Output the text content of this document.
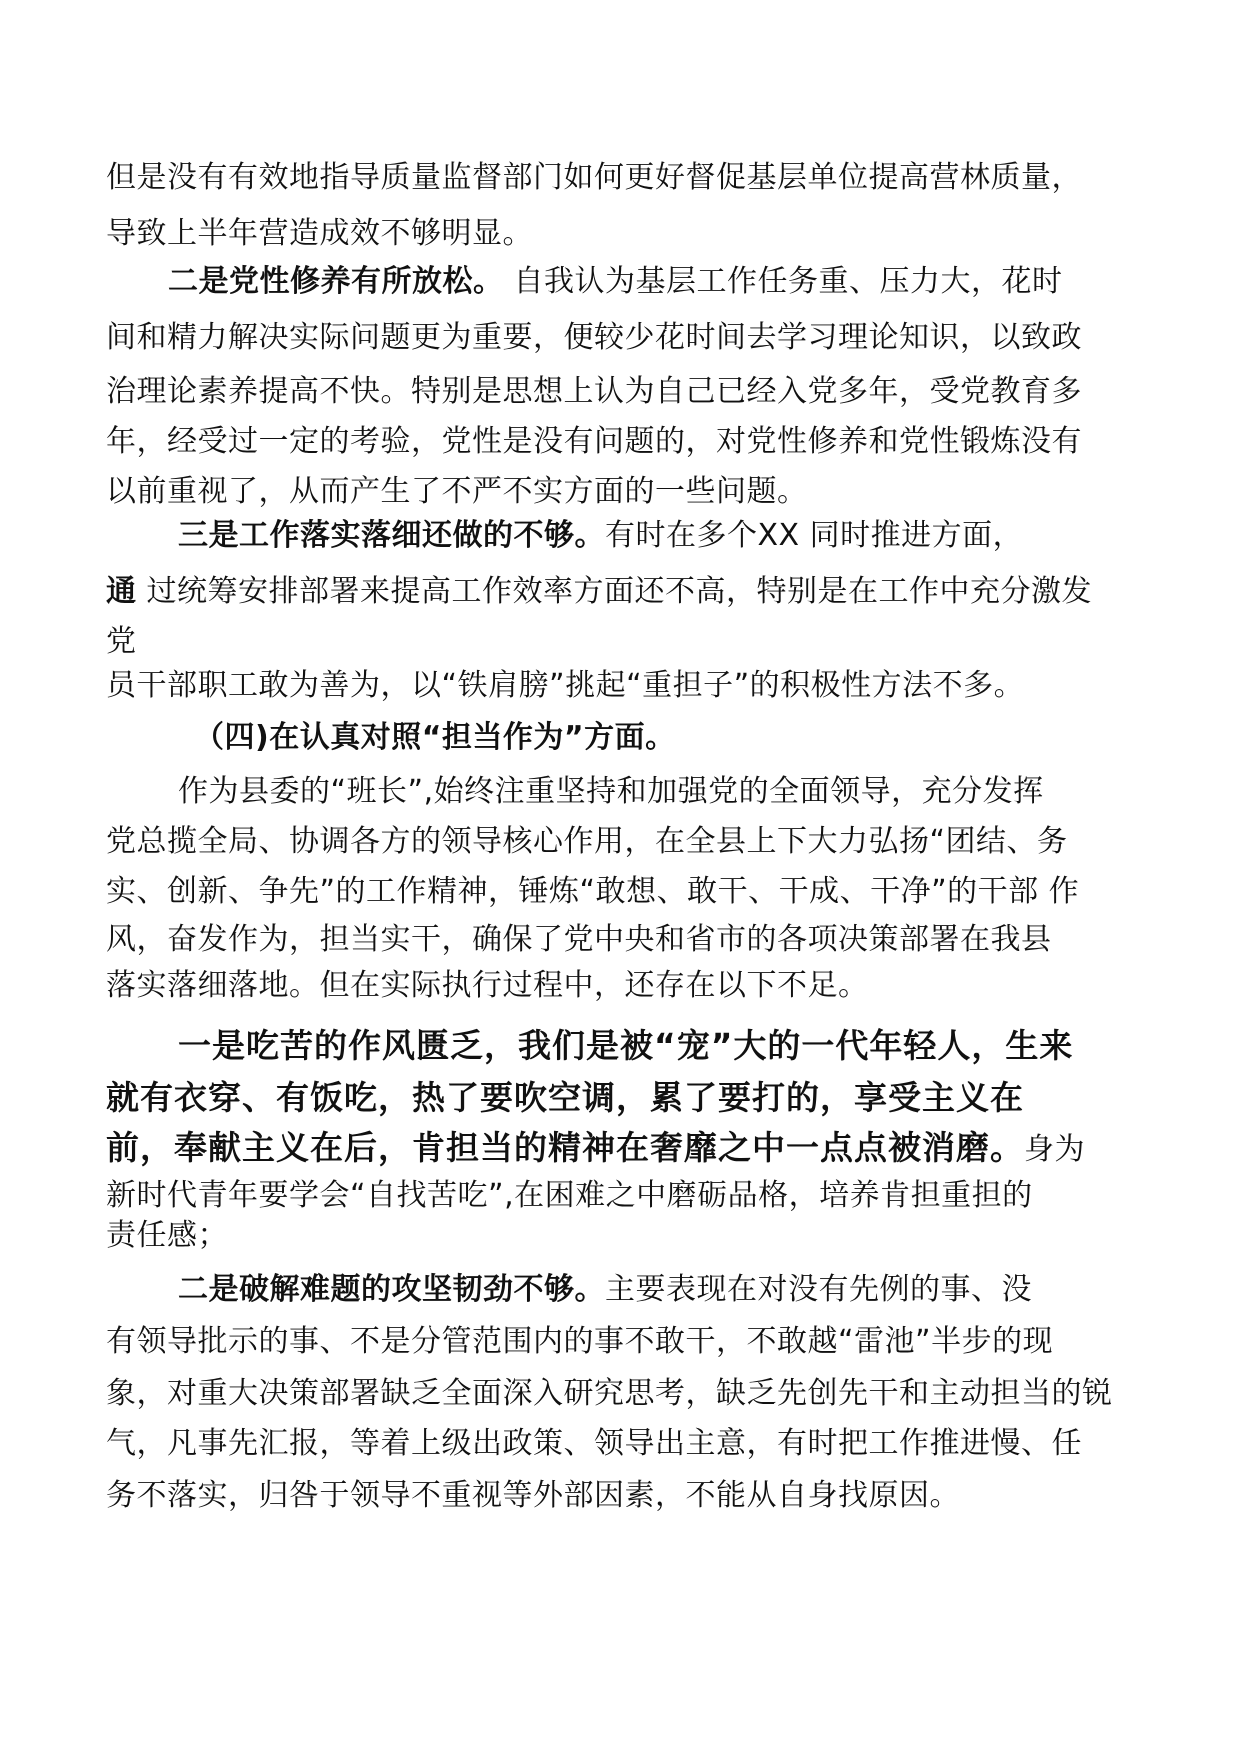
但是没有有效地指导质量监督部门如何更好督促基层单位提高营林质量，
导致上半年营造成效不够明显。
二是党性修养有所放松。 自我认为基层工作任务重、压力大，花时
间和精力解决实际问题更为重要，便较少花时间去学习理论知识，以致政
治理论素养提高不快。特别是思想上认为自己已经入党多年，受党教育多
年，经受过一定的考验，党性是没有问题的，对党性修养和党性锻炼没有
以前重视了，从而产生了不严不实方面的一些问题。
三是工作落实落细还做的不够。有时在多个XX 同时推进方面，
通 过统筹安排部署来提高工作效率方面还不高，特别是在工作中充分激发
党
员干部职工敢为善为，以“铁肩膀”挑起“重担子”的积极性方法不多。
（四)在认真对照“担当作为”方面。
作为县委的“班长”,始终注重坚持和加强党的全面领导，充分发挥
党总揽全局、协调各方的领导核心作用，在全县上下大力弘扬“团结、务
实、创新、争先”的工作精神，锤炼“敢想、敢干、干成、干净”的干部 作
风，奋发作为，担当实干，确保了党中央和省市的各项决策部署在我县
落实落细落地。但在实际执行过程中，还存在以下不足。
一是吃苦的作风匮乏，我们是被“宠”大的一代年轻人，生来
就有衣穿、有饭吃，热了要吹空调，累了要打的，享受主义在
前，奉献主义在后，肯担当的精神在奢靡之中一点点被消磨。身为
新时代青年要学会“自找苦吃”,在困难之中磨砺品格，培养肯担重担的
责任感；
二是破解难题的攻坚韧劲不够。主要表现在对没有先例的事、没
有领导批示的事、不是分管范围内的事不敢干，不敢越“雷池”半步的现
象，对重大决策部署缺乏全面深入研究思考，缺乏先创先干和主动担当的锐
气，凡事先汇报，等着上级出政策、领导出主意，有时把工作推进慢、任
务不落实，归咎于领导不重视等外部因素，不能从自身找原因。
